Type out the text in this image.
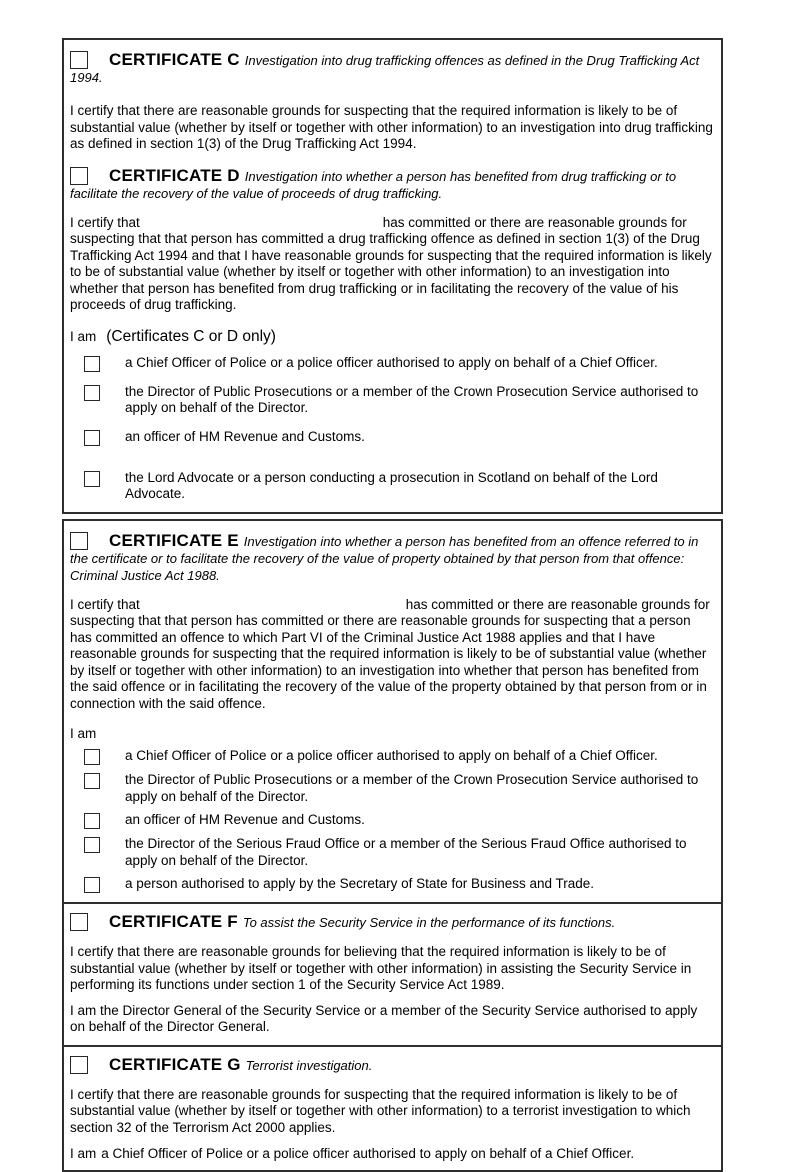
CERTIFICATE C Investigation into drug trafficking offences as defined in the Drug Trafficking Act 1994.

I certify that there are reasonable grounds for suspecting that the required information is likely to be of substantial value (whether by itself or together with other information) to an investigation into drug trafficking as defined in section 1(3) of the Drug Trafficking Act 1994.

CERTIFICATE D Investigation into whether a person has benefited from drug trafficking or to facilitate the recovery of the value of proceeds of drug trafficking.

I certify that	has committed or there are reasonable grounds for suspecting that that person has committed a drug trafficking offence as defined in section 1(3) of the Drug Trafficking Act 1994 and that I have reasonable grounds for suspecting that the required information is likely to be of substantial value (whether by itself or together with other information) to an investigation into whether that person has benefited from drug trafficking or in facilitating the recovery of the value of his proceeds of drug trafficking.

I am (Certificates C or D only)
a Chief Officer of Police or a police officer authorised to apply on behalf of a Chief Officer.
the Director of Public Prosecutions or a member of the Crown Prosecution Service authorised to apply on behalf of the Director.
an officer of HM Revenue and Customs.
the Lord Advocate or a person conducting a prosecution in Scotland on behalf of the Lord Advocate.
CERTIFICATE E Investigation into whether a person has benefited from an offence referred to in the certificate or to facilitate the recovery of the value of property obtained by that person from that offence: Criminal Justice Act 1988.

I certify that	has committed or there are reasonable grounds for suspecting that that person has committed or there are reasonable grounds for suspecting that a person has committed an offence to which Part VI of the Criminal Justice Act 1988 applies and that I have reasonable grounds for suspecting that the required information is likely to be of substantial value (whether by itself or together with other information) to an investigation into whether that person has benefited from the said offence or in facilitating the recovery of the value of the property obtained by that person from or in connection with the said offence.

I am
a Chief Officer of Police or a police officer authorised to apply on behalf of a Chief Officer.
the Director of Public Prosecutions or a member of the Crown Prosecution Service authorised to apply on behalf of the Director.
an officer of HM Revenue and Customs.
the Director of the Serious Fraud Office or a member of the Serious Fraud Office authorised to apply on behalf of the Director.
a person authorised to apply by the Secretary of State for Business and Trade.
CERTIFICATE F To assist the Security Service in the performance of its functions.

I certify that there are reasonable grounds for believing that the required information is likely to be of substantial value (whether by itself or together with other information) in assisting the Security Service in performing its functions under section 1 of the Security Service Act 1989.

I am the Director General of the Security Service or a member of the Security Service authorised to apply on behalf of the Director General.

CERTIFICATE G Terrorist investigation.

I certify that there are reasonable grounds for suspecting that the required information is likely to be of substantial value (whether by itself or together with other information) to a terrorist investigation to which section 32 of the Terrorism Act 2000 applies.

I am a Chief Officer of Police or a police officer authorised to apply on behalf of a Chief Officer.
